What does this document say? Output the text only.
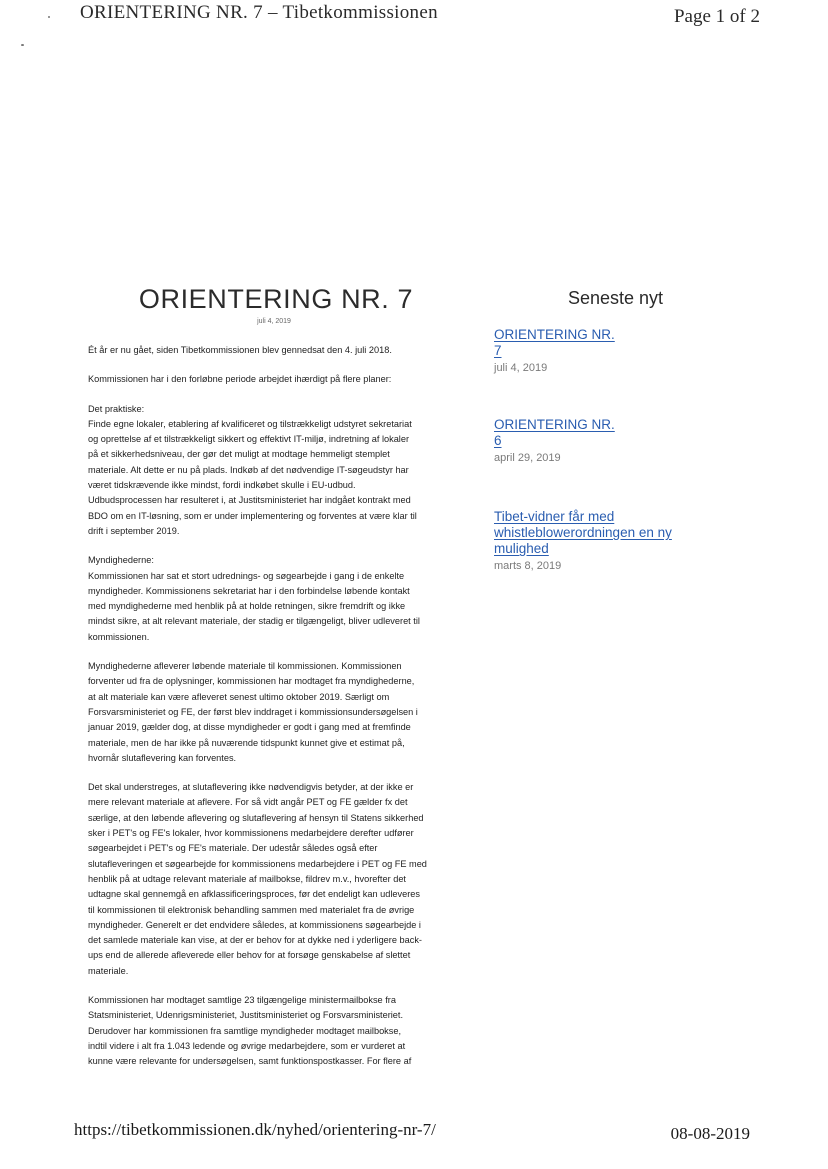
ORIENTERING NR. 7 – Tibetkommissionen	Page 1 of 2
ORIENTERING NR. 7
juli 4, 2019

Ét år er nu gået, siden Tibetkommissionen blev gennedsat den 4. juli 2018.

Kommissionen har i den forløbne periode arbejdet ihærdigt på flere planer:

Det praktiske:
Finde egne lokaler, etablering af kvalificeret og tilstrækkeligt udstyret sekretariat
og oprettelse af et tilstrækkeligt sikkert og effektivt IT-miljø, indretning af lokaler
på et sikkerhedsniveau, der gør det muligt at modtage hemmeligt stemplet
materiale. Alt dette er nu på plads. Indkøb af det nødvendige IT-søgeudstyr har
været tidskrævende ikke mindst, fordi indkøbet skulle i EU-udbud.
Udbudsprocessen har resulteret i, at Justitsministeriet har indgået kontrakt med
BDO om en IT-løsning, som er under implementering og forventes at være klar til
drift i september 2019.

Myndighederne:
Kommissionen har sat et stort udrednings- og søgearbejde i gang i de enkelte
myndigheder. Kommissionens sekretariat har i den forbindelse løbende kontakt
med myndighederne med henblik på at holde retningen, sikre fremdrift og ikke
mindst sikre, at alt relevant materiale, der stadig er tilgængeligt, bliver udleveret til
kommissionen.

Myndighederne afleverer løbende materiale til kommissionen. Kommissionen
forventer ud fra de oplysninger, kommissionen har modtaget fra myndighederne,
at alt materiale kan være afleveret senest ultimo oktober 2019. Særligt om
Forsvarsministeriet og FE, der først blev inddraget i kommissionsundersøgelsen i
januar 2019, gælder dog, at disse myndigheder er godt i gang med at fremfinde
materiale, men de har ikke på nuværende tidspunkt kunnet give et estimat på,
hvornår slutaflevering kan forventes.

Det skal understreges, at slutaflevering ikke nødvendigvis betyder, at der ikke er
mere relevant materiale at aflevere. For så vidt angår PET og FE gælder fx det
særlige, at den løbende aflevering og slutaflevering af hensyn til Statens sikkerhed
sker i PET's og FE's lokaler, hvor kommissionens medarbejdere derefter udfører
søgearbejdet i PET's og FE's materiale. Der udestår således også efter
slutafleveringen et søgearbejde for kommissionens medarbejdere i PET og FE med
henblik på at udtage relevant materiale af mailbokse, fildrev m.v., hvorefter det
udtagne skal gennemgå en afklassificeringsproces, før det endeligt kan udleveres
til kommissionen til elektronisk behandling sammen med materialet fra de øvrige
myndigheder. Generelt er det endvidere således, at kommissionens søgearbejde i
det samlede materiale kan vise, at der er behov for at dykke ned i yderligere back-
ups end de allerede afleverede eller behov for at forsøge genskabelse af slettet
materiale.

Kommissionen har modtaget samtlige 23 tilgængelige ministermailbokse fra
Statsministeriet, Udenrigsministeriet, Justitsministeriet og Forsvarsministeriet.
Derudover har kommissionen fra samtlige myndigheder modtaget mailbokse,
indtil videre i alt fra 1.043 ledende og øvrige medarbejdere, som er vurderet at
kunne være relevante for undersøgelsen, samt funktionspostkasser. For flere af

Seneste nyt
ORIENTERING NR. 7
juli 4, 2019
ORIENTERING NR. 6
april 29, 2019
Tibet-vidner får med whistleblowerordningen en ny mulighed
marts 8, 2019
https://tibetkommissionen.dk/nyhed/orientering-nr-7/	08-08-2019
